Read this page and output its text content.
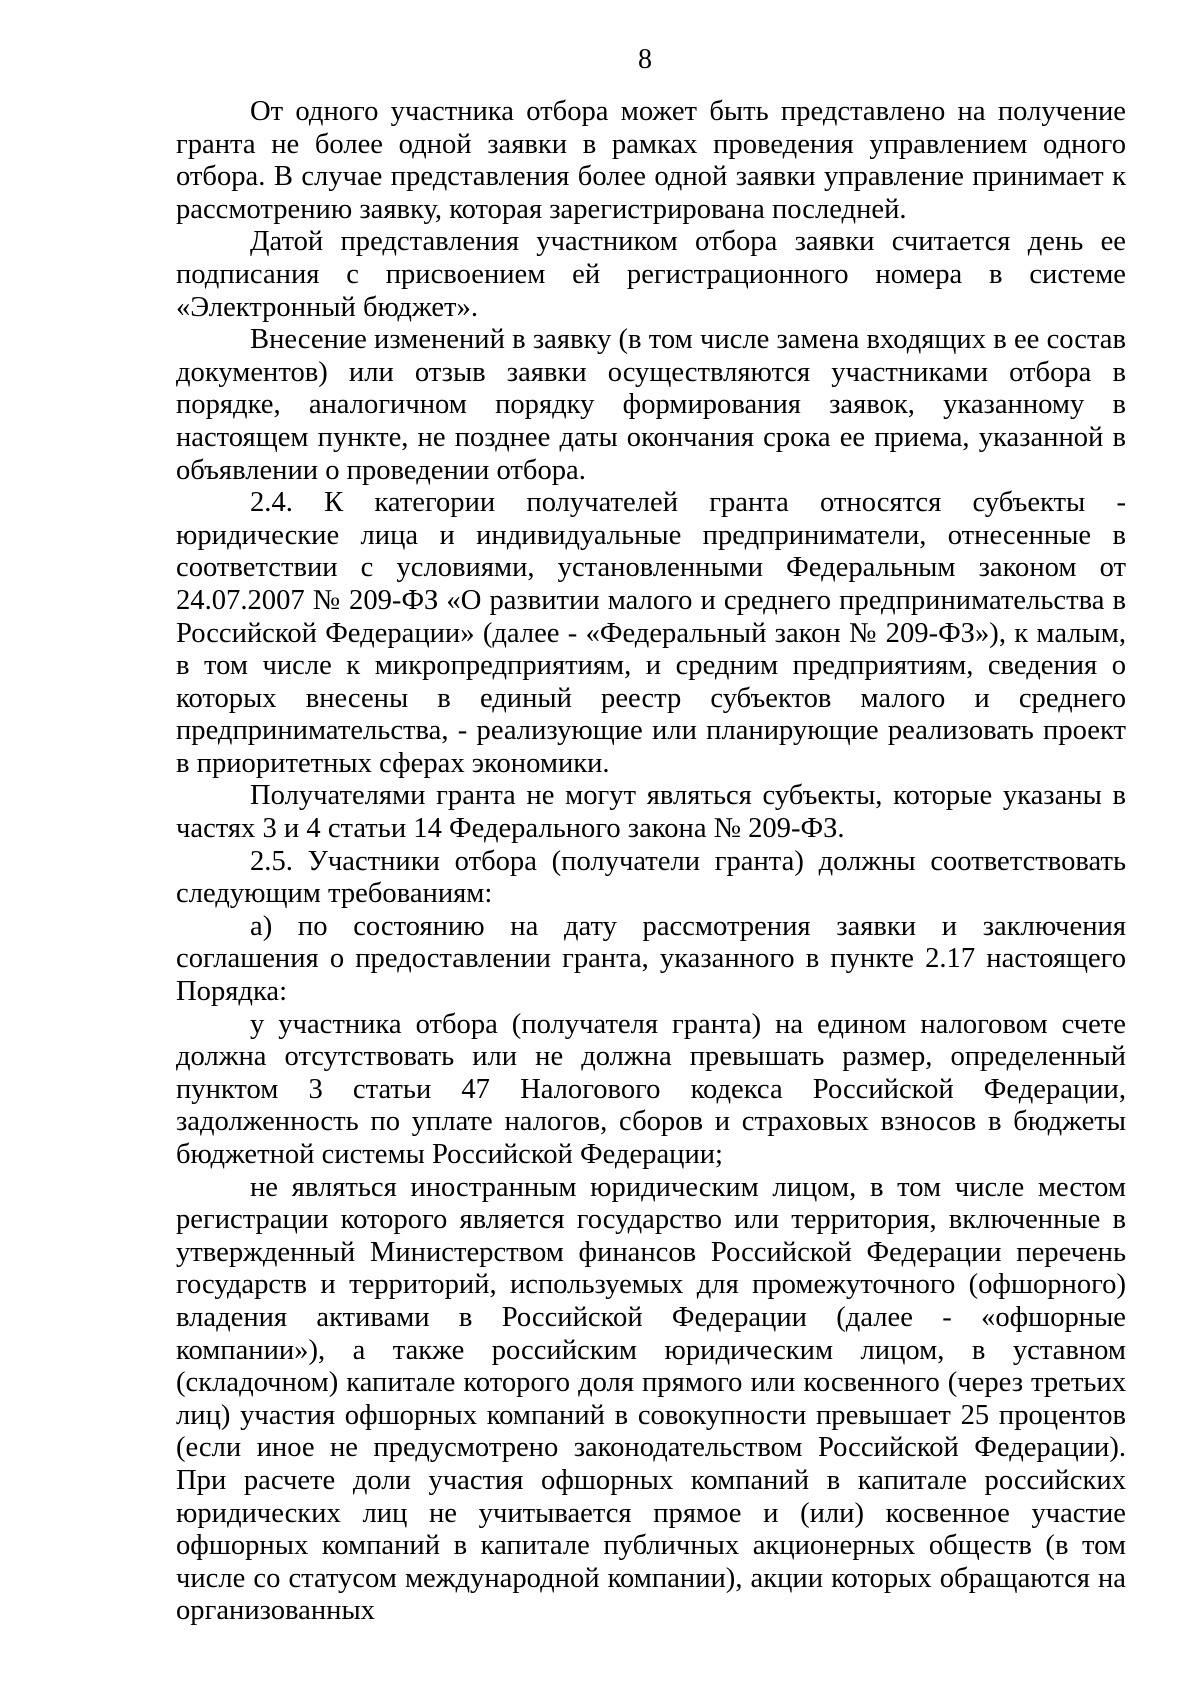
8

От одного участника отбора может быть представлено на получение гранта не более одной заявки в рамках проведения управлением одного отбора. В случае представления более одной заявки управление принимает к рассмотрению заявку, которая зарегистрирована последней.

Датой представления участником отбора заявки считается день ее подписания с присвоением ей регистрационного номера в системе «Электронный бюджет».

Внесение изменений в заявку (в том числе замена входящих в ее состав документов) или отзыв заявки осуществляются участниками отбора в порядке, аналогичном порядку формирования заявок, указанному в настоящем пункте, не позднее даты окончания срока ее приема, указанной в объявлении о проведении отбора.

2.4. К категории получателей гранта относятся субъекты - юридические лица и индивидуальные предприниматели, отнесенные в соответствии с условиями, установленными Федеральным законом от 24.07.2007 № 209-ФЗ «О развитии малого и среднего предпринимательства в Российской Федерации» (далее - «Федеральный закон № 209-ФЗ»), к малым, в том числе к микропредприятиям, и средним предприятиям, сведения о которых внесены в единый реестр субъектов малого и среднего предпринимательства, - реализующие или планирующие реализовать проект в приоритетных сферах экономики.

Получателями гранта не могут являться субъекты, которые указаны в частях 3 и 4 статьи 14 Федерального закона № 209-ФЗ.

2.5. Участники отбора (получатели гранта) должны соответствовать следующим требованиям:

а) по состоянию на дату рассмотрения заявки и заключения соглашения о предоставлении гранта, указанного в пункте 2.17 настоящего Порядка:

у участника отбора (получателя гранта) на едином налоговом счете должна отсутствовать или не должна превышать размер, определенный пунктом 3 статьи 47 Налогового кодекса Российской Федерации, задолженность по уплате налогов, сборов и страховых взносов в бюджеты бюджетной системы Российской Федерации;

не являться иностранным юридическим лицом, в том числе местом регистрации которого является государство или территория, включенные в утвержденный Министерством финансов Российской Федерации перечень государств и территорий, используемых для промежуточного (офшорного) владения активами в Российской Федерации (далее - «офшорные компании»), а также российским юридическим лицом, в уставном (складочном) капитале которого доля прямого или косвенного (через третьих лиц) участия офшорных компаний в совокупности превышает 25 процентов (если иное не предусмотрено законодательством Российской Федерации). При расчете доли участия офшорных компаний в капитале российских юридических лиц не учитывается прямое и (или) косвенное участие офшорных компаний в капитале публичных акционерных обществ (в том числе со статусом международной компании), акции которых обращаются на организованных
